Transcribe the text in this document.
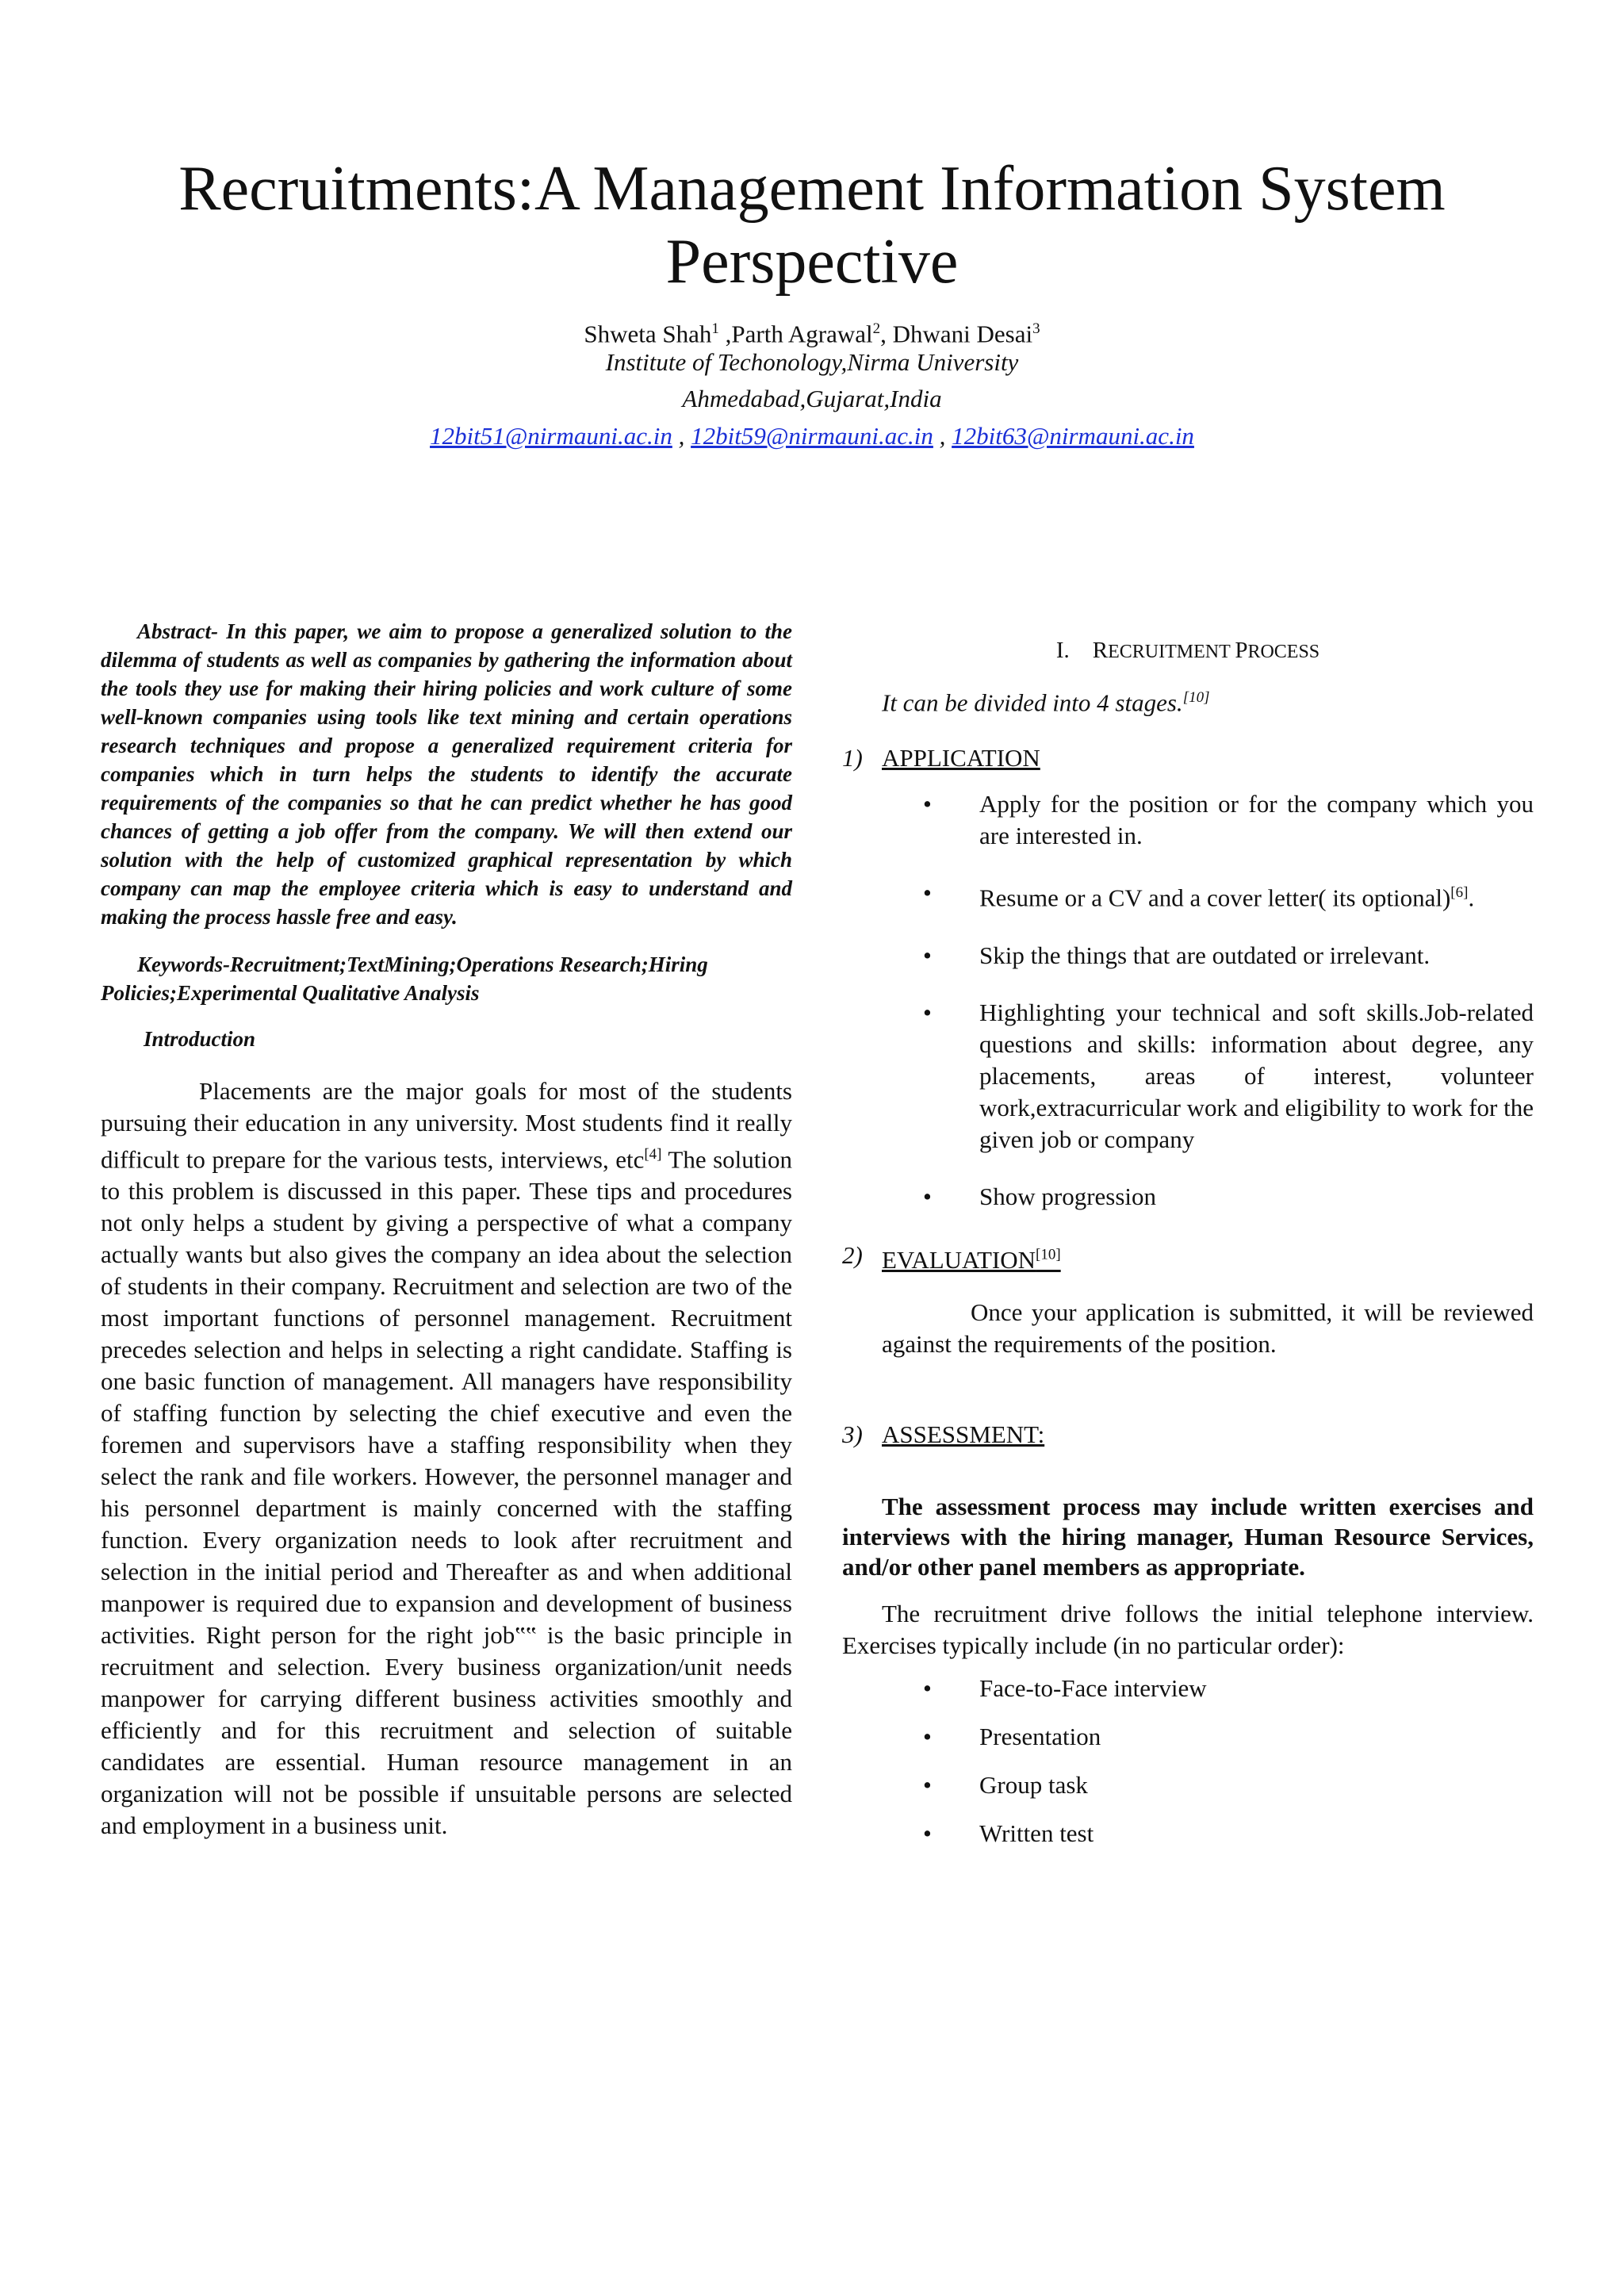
Recruitments:A Management Information System Perspective
Shweta Shah$^1$ ,Parth Agrawal$^2$, Dhwani Desai$^3$
Institute of Techonology,Nirma University
Ahmedabad,Gujarat,India
12bit51@nirmauni.ac.in , 12bit59@nirmauni.ac.in , 12bit63@nirmauni.ac.in

Abstract- In this paper, we aim to propose a generalized solution to the dilemma of students as well as companies by gathering the information about the tools they use for making their hiring policies and work culture of some well-known companies using tools like text mining and certain operations research techniques and propose a generalized requirement criteria for companies which in turn helps the students to identify the accurate requirements of the companies so that he can predict whether he has good chances of getting a job offer from the company. We will then extend our solution with the help of customized graphical representation by which company can map the employee criteria which is easy to understand and making the process hassle free and easy.

Keywords-Recruitment;TextMining;Operations Research;Hiring Policies;Experimental Qualitative Analysis

Introduction

Placements are the major goals for most of the students pursuing their education in any university. Most students find it really difficult to prepare for the various tests, interviews, etc[4] The solution to this problem is discussed in this paper. These tips and procedures not only helps a student by giving a perspective of what a company actually wants but also gives the company an idea about the selection of students in their company. Recruitment and selection are two of the most important functions of personnel management. Recruitment precedes selection and helps in selecting a right candidate. Staffing is one basic function of management. All managers have responsibility of staffing function by selecting the chief executive and even the foremen and supervisors have a staffing responsibility when they select the rank and file workers. However, the personnel manager and his personnel department is mainly concerned with the staffing function. Every organization needs to look after recruitment and selection in the initial period and Thereafter as and when additional manpower is required due to expansion and development of business activities. Right person for the right job‟‟ is the basic principle in recruitment and selection. Every business organization/unit needs manpower for carrying different business activities smoothly and efficiently and for this recruitment and selection of suitable candidates are essential. Human resource management in an organization will not be possible if unsuitable persons are selected and employment in a business unit.

I. RECRUITMENT PROCESS

It can be divided into 4 stages.[10]

1) APPLICATION
• Apply for the position or for the company which you are interested in.
• Resume or a CV and a cover letter( its optional)[6].
• Skip the things that are outdated or irrelevant.
• Highlighting your technical and soft skills.Job-related questions and skills: information about degree, any placements, areas of interest, volunteer work,extracurricular work and eligibility to work for the given job or company
• Show progression
2) EVALUATION[10]

Once your application is submitted, it will be reviewed against the requirements of the position.

3) ASSESSMENT:

The assessment process may include written exercises and interviews with the hiring manager, Human Resource Services, and/or other panel members as appropriate.

The recruitment drive follows the initial telephone interview. Exercises typically include (in no particular order):

• Face-to-Face interview
• Presentation
• Group task
• Written test
